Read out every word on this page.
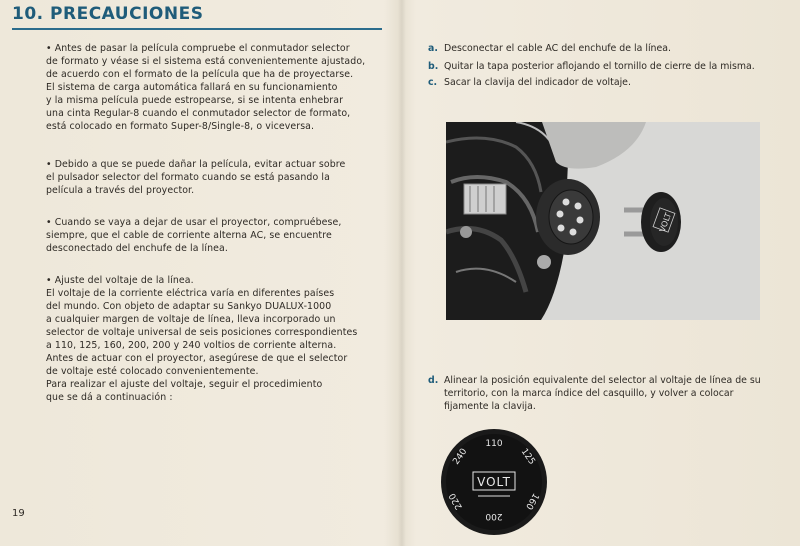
10. PRECAUCIONES

• Antes de pasar la película compruebe el conmutador selector

de formato y véase si el sistema está convenientemente ajustado,

de acuerdo con el formato de la película que ha de proyectarse.

El sistema de carga automática fallará en su funcionamiento

y la misma película puede estropearse, si se intenta enhebrar

una cinta Regular-8 cuando el conmutador selector de formato,

está colocado en formato Super-8/Single-8, o viceversa.

• Debido a que se puede dañar la película, evitar actuar sobre

el pulsador selector del formato cuando se está pasando la

película a través del proyector.

• Cuando se vaya a dejar de usar el proyector, compruébese,

siempre, que el cable de corriente alterna AC, se encuentre

desconectado del enchufe de la línea.

• Ajuste del voltaje de la línea.

El voltaje de la corriente eléctrica varía en diferentes países

del mundo. Con objeto de adaptar su Sankyo DUALUX-1000

a cualquier margen de voltaje de línea, lleva incorporado un

selector de voltaje universal de seis posiciones correspondientes

a 110, 125, 160, 200, 200 y 240 voltios de corriente alterna.

Antes de actuar con el proyector, asegúrese de que el selector

de voltaje esté colocado convenientemente.

Para realizar el ajuste del voltaje, seguir el procedimiento

que se dá a continuación :

a. Desconectar el cable AC del enchufe de la línea.
b. Quitar la tapa posterior aflojando el tornillo de cierre de la misma.
c. Sacar la clavija del indicador de voltaje.
VOLT
d. Alinear la posición equivalente del selector al voltaje de línea de su territorio, con la marca índice del casquillo, y volver a colocar fijamente la clavija.
VOLT
110
125
160
200
220
240
19
